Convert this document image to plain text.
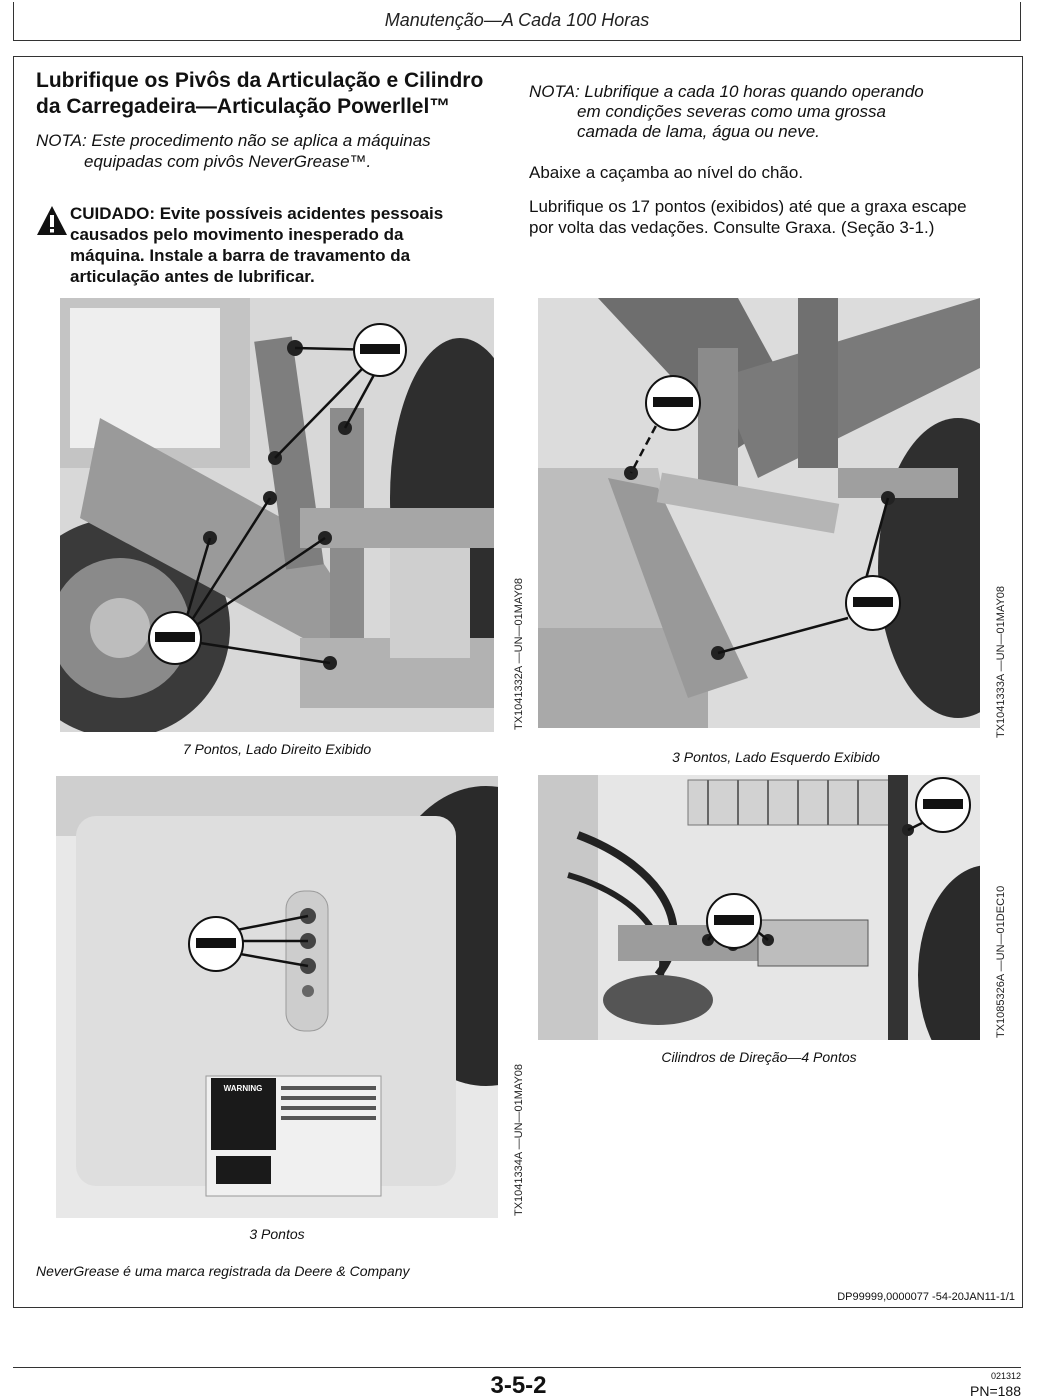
Manutenção—A Cada 100 Horas
Lubrifique os Pivôs da Articulação e Cilindro
da Carregadeira—Articulação Powerllel™
NOTA: Este procedimento não se aplica a máquinas
equipadas com pivôs NeverGrease™.
CUIDADO: Evite possíveis acidentes pessoais
causados pelo movimento inesperado da
máquina. Instale a barra de travamento da
articulação antes de lubrificar.
NOTA: Lubrifique a cada 10 horas quando operando
em condições severas como uma grossa
camada de lama, água ou neve.
Abaixe a caçamba ao nível do chão.
Lubrifique os 17 pontos (exibidos) até que a graxa escape
por volta das vedações. Consulte Graxa. (Seção 3-1.)
7 Pontos, Lado Direito Exibido
TX1041332A —UN—01MAY08
3 Pontos, Lado Esquerdo Exibido
TX1041333A —UN—01MAY08
WARNING
3 Pontos
TX1041334A —UN—01MAY08
Cilindros de Direção—4 Pontos
TX1085326A —UN—01DEC10
NeverGrease é uma marca registrada da Deere & Company
DP99999,0000077 -54-20JAN11-1/1
3-5-2	021312
PN=188
